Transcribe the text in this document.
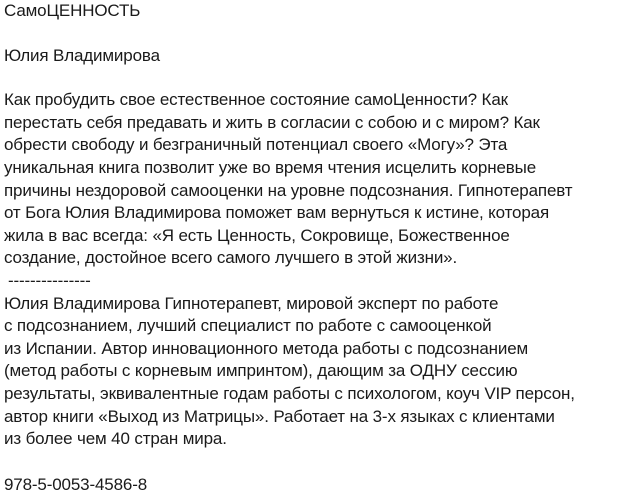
СамоЦЕННОСТЬ
Юлия Владимирова
Как пробудить свое естественное состояние самоЦенности? Как
перестать себя предавать и жить в согласии с собою и с миром? Как
обрести свободу и безграничный потенциал своего «Могу»? Эта
уникальная книга позволит уже во время чтения исцелить корневые
причины нездоровой самооценки на уровне подсознания. Гипнотерапевт
от Бога Юлия Владимирова поможет вам вернуться к истине, которая
жила в вас всегда: «Я есть Ценность, Сокровище, Божественное
создание, достойное всего самого лучшего в этой жизни».
---------------
Юлия Владимирова Гипнотерапевт, мировой эксперт по работе
с подсознанием, лучший специалист по работе с самооценкой
из Испании. Автор инновационного метода работы с подсознанием
(метод работы с корневым импринтом), дающим за ОДНУ сессию
результаты, эквивалентные годам работы с психологом, коуч VIP персон,
автор книги «Выход из Матрицы». Работает на 3-х языках с клиентами
из более чем 40 стран мира.
978-5-0053-4586-8
